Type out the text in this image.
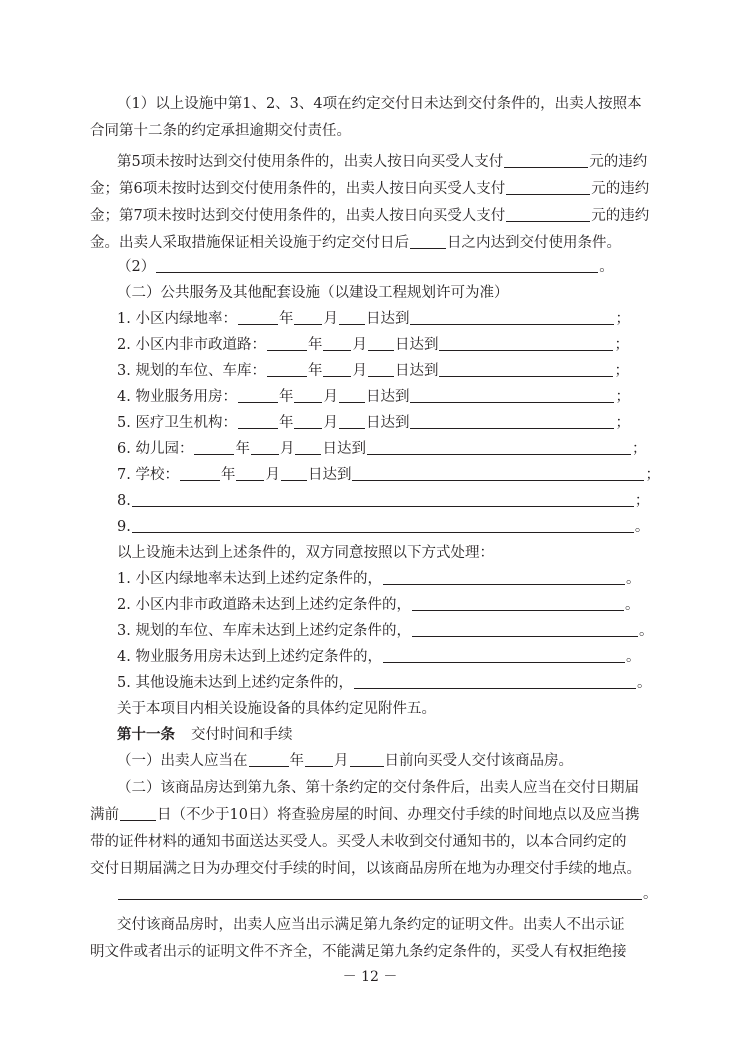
（1）以上设施中第1、2、3、4项在约定交付日未达到交付条件的，出卖人按照本
合同第十二条的约定承担逾期交付责任。
第5项未按时达到交付使用条件的，出卖人按日向买受人支付	元的违约
金；第6项未按时达到交付使用条件的，出卖人按日向买受人支付	元的违约
金；第7项未按时达到交付使用条件的，出卖人按日向买受人支付	元的违约
金。出卖人采取措施保证相关设施于约定交付日后	日之内达到交付使用条件。
（2）	。
（二）公共服务及其他配套设施（以建设工程规划许可为准）
1. 小区内绿地率：	年 月 日达到	；
2. 小区内非市政道路：	年 月 日达到	；
3. 规划的车位、车库：	年 月 日达到	；
4. 物业服务用房：	年 月 日达到	；
5. 医疗卫生机构：	年 月 日达到	；
6. 幼儿园：	年 月 日达到	；
7. 学校：	年 月 日达到	；
8.	；
9.	。
以上设施未达到上述条件的，双方同意按照以下方式处理：
1. 小区内绿地率未达到上述约定条件的，	。
2. 小区内非市政道路未达到上述约定条件的，	。
3. 规划的车位、车库未达到上述约定条件的，	。
4. 物业服务用房未达到上述约定条件的，	。
5. 其他设施未达到上述约定条件的，	。
关于本项目内相关设施设备的具体约定见附件五。
第十一条 交付时间和手续
（一）出卖人应当在	年 月 日前向买受人交付该商品房。
（二）该商品房达到第九条、第十条约定的交付条件后，出卖人应当在交付日期届
满前	日（不少于10日）将查验房屋的时间、办理交付手续的时间地点以及应当携
带的证件材料的通知书面送达买受人。买受人未收到交付通知书的，以本合同约定的
交付日期届满之日为办理交付手续的时间，以该商品房所在地为办理交付手续的地点。
。
交付该商品房时，出卖人应当出示满足第九条约定的证明文件。出卖人不出示证
明文件或者出示的证明文件不齐全，不能满足第九条约定条件的，买受人有权拒绝接
－ 12 －
